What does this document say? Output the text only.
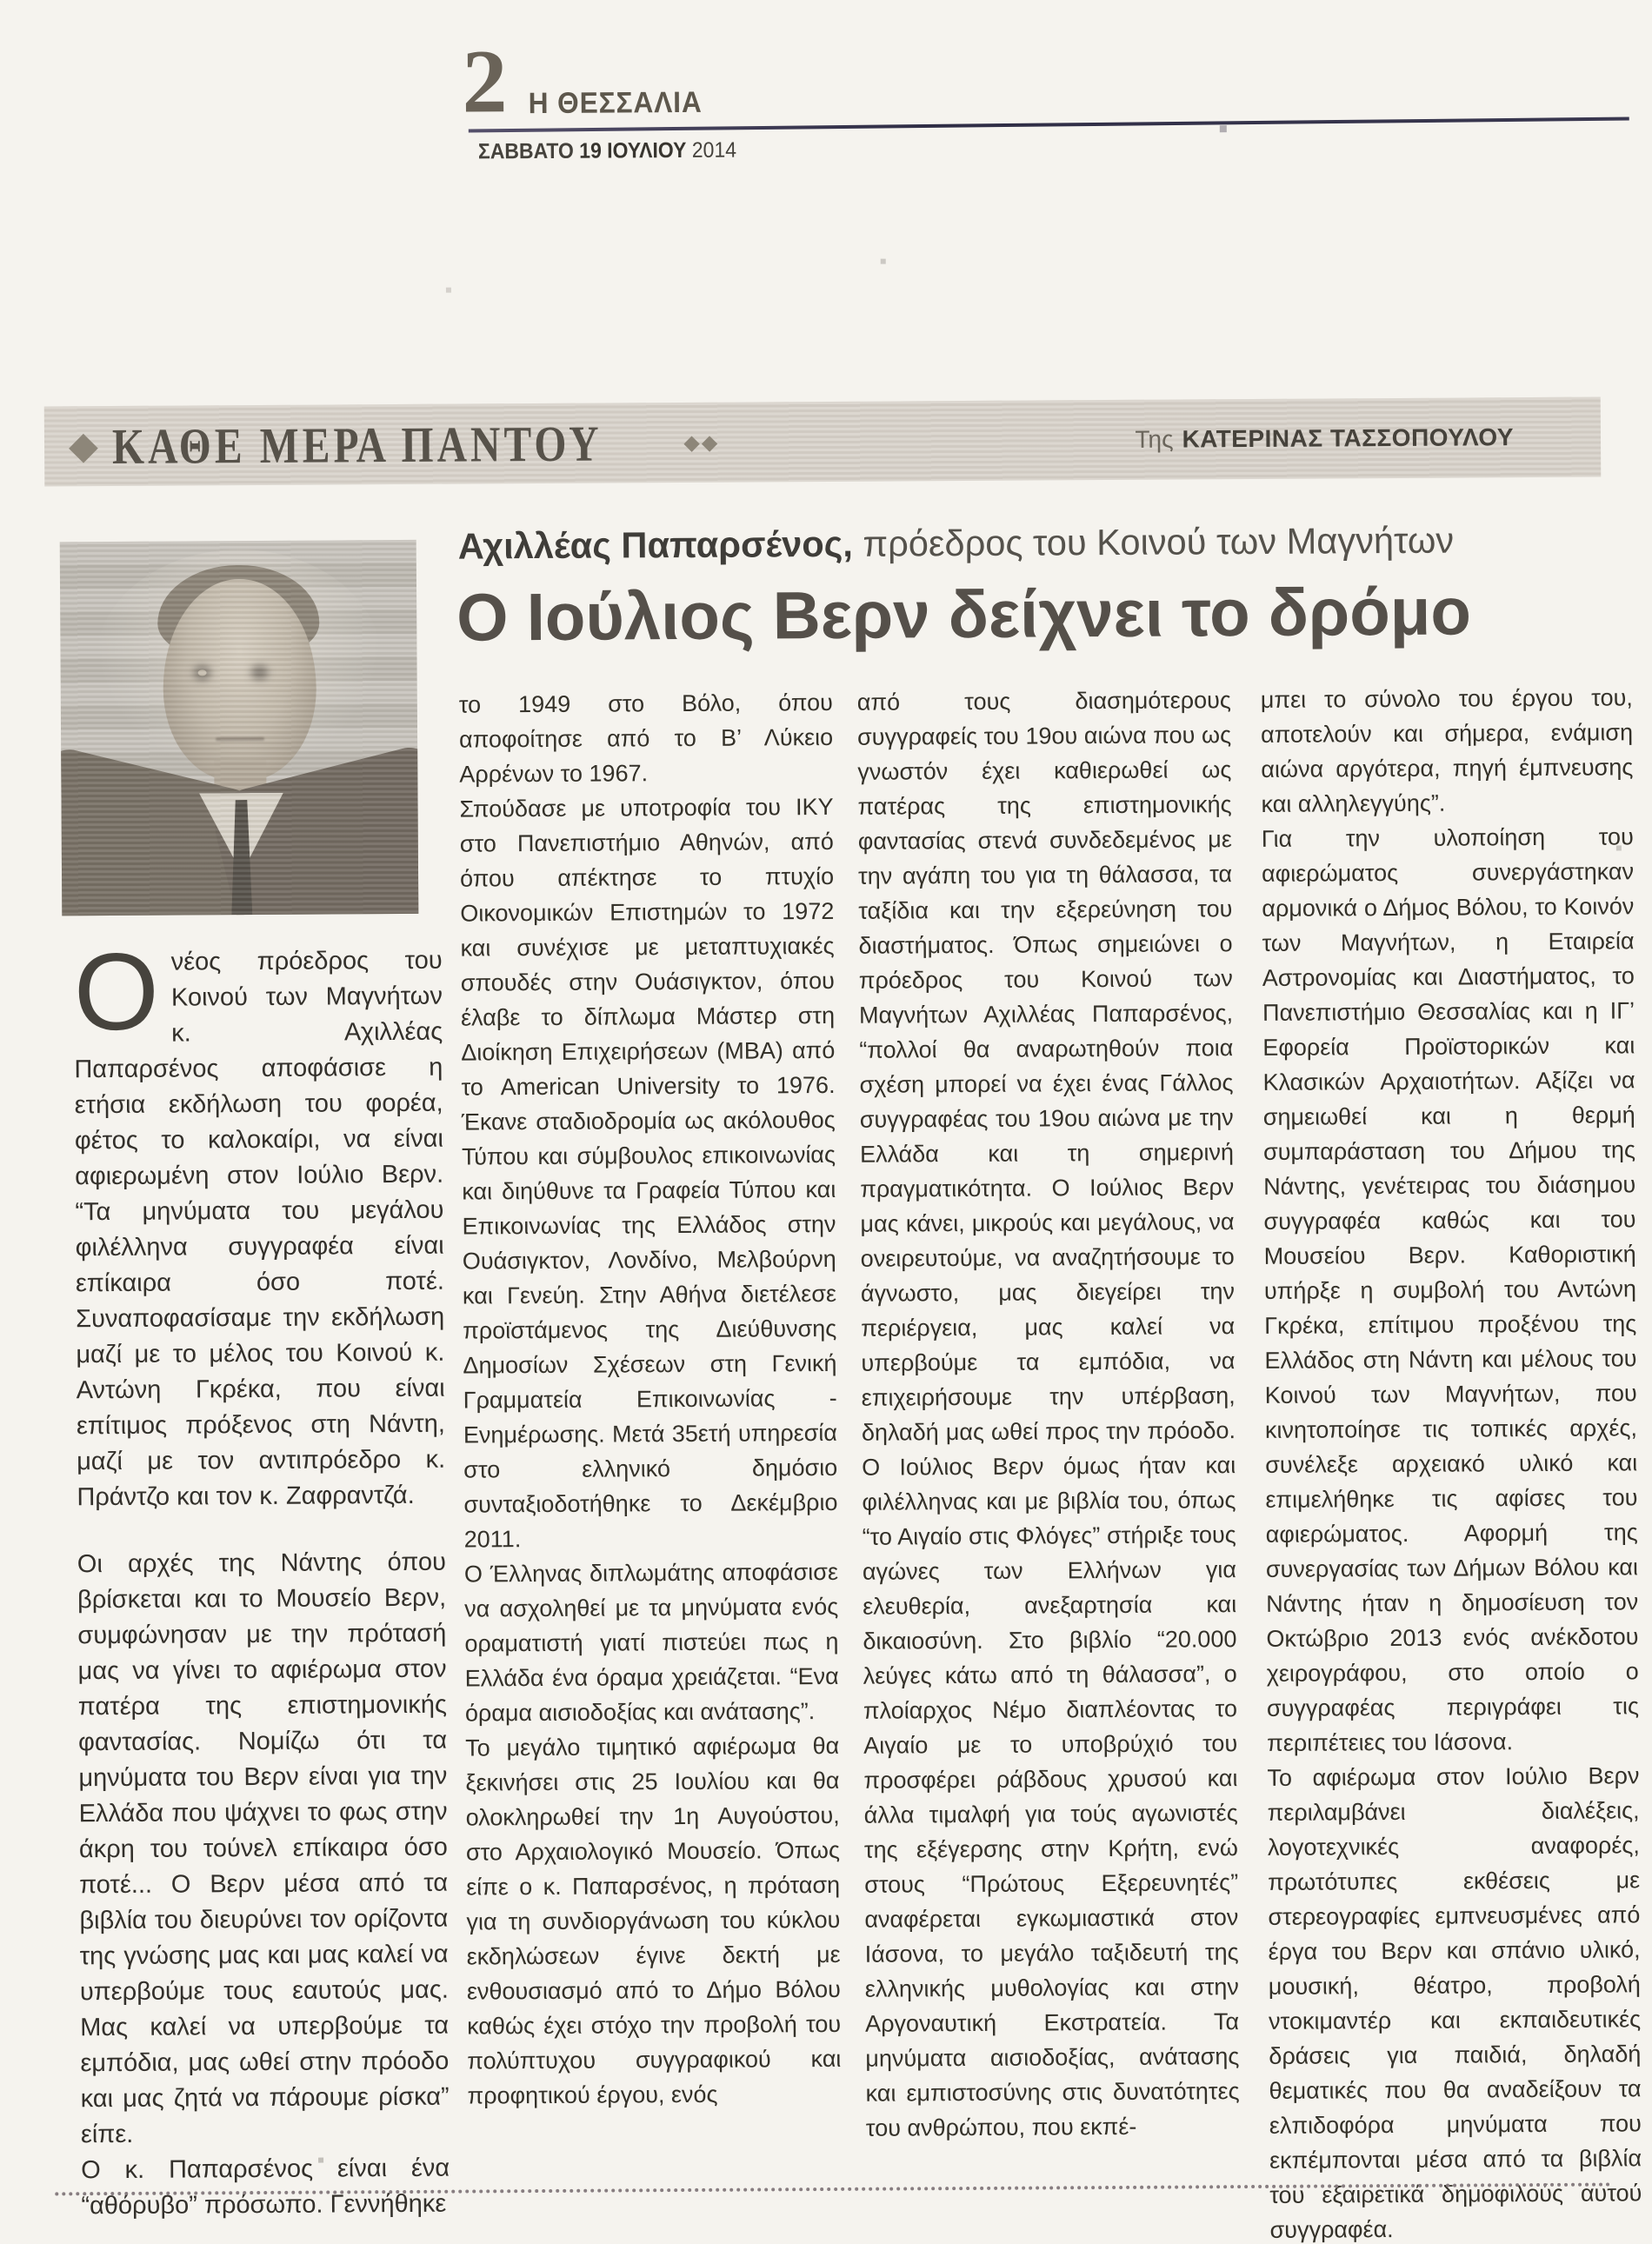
2 Η ΘΕΣΣΑΛΙΑ
ΣΑΒΒΑΤΟ 19 ΙΟΥΛΙΟΥ 2014
◆ ΚΑΘΕ ΜΕΡΑ ΠΑΝΤΟΥ	◆◆	Της ΚΑΤΕΡΙΝΑΣ ΤΑΣΣΟΠΟΥΛΟΥ
Αχιλλέας Παπαρσένος, πρόεδρος του Κοινού των Μαγνήτων
Ο Ιούλιος Βερν δείχνει το δρόμο

Ονέος πρόεδρος του Κοινού των Μαγνήτων κ. Αχιλλέας Παπαρσένος αποφάσισε η ετήσια εκδήλωση του φορέα, φέτος το καλοκαίρι, να είναι αφιερωμένη στον Ιούλιο Βερν. “Τα μηνύματα του μεγάλου φιλέλληνα συγγραφέα είναι επίκαιρα όσο ποτέ. Συναποφασίσαμε την εκδήλωση μαζί με το μέλος του Κοινού κ. Αντώνη Γκρέκα, που είναι επίτιμος πρόξενος στη Νάντη, μαζί με τον αντιπρόεδρο κ. Πράντζο και τον κ. Ζαφραντζά.

Οι αρχές της Νάντης όπου βρίσκεται και το Μουσείο Βερν, συμφώνησαν με την πρότασή μας να γίνει το αφιέρωμα στον πατέρα της επιστημονικής φαντασίας. Νομίζω ότι τα μηνύματα του Βερν είναι για την Ελλάδα που ψάχνει το φως στην άκρη του τούνελ επίκαιρα όσο ποτέ... Ο Βερν μέσα από τα βιβλία του διευρύνει τον ορίζοντα της γνώσης μας και μας καλεί να υπερβούμε τους εαυτούς μας. Μας καλεί να υπερβούμε τα εμπόδια, μας ωθεί στην πρόοδο και μας ζητά να πάρουμε ρίσκα” είπε.

Ο κ. Παπαρσένος είναι ένα “αθόρυβο” πρόσωπο. Γεννήθηκε

το 1949 στο Βόλο, όπου αποφοίτησε από το Β’ Λύκειο Αρρένων το 1967.

Σπούδασε με υποτροφία του ΙΚΥ στο Πανεπιστήμιο Αθηνών, από όπου απέκτησε το πτυχίο Οικονομικών Επιστημών το 1972 και συνέχισε με μεταπτυχιακές σπουδές στην Ουάσιγκτον, όπου έλαβε το δίπλωμα Μάστερ στη Διοίκηση Επιχειρήσεων (MBA) από το American University το 1976. Έκανε σταδιοδρομία ως ακόλουθος Τύπου και σύμβουλος επικοινωνίας και διηύθυνε τα Γραφεία Τύπου και Επικοινωνίας της Ελλάδος στην Ουάσιγκτον, Λονδίνο, Μελβούρνη και Γενεύη. Στην Αθήνα διετέλεσε προϊστάμενος της Διεύθυνσης Δημοσίων Σχέσεων στη Γενική Γραμματεία Επικοινωνίας - Ενημέρωσης. Μετά 35ετή υπηρεσία στο ελληνικό δημόσιο συνταξιοδοτήθηκε το Δεκέμβριο 2011.

Ο Έλληνας διπλωμάτης αποφάσισε να ασχοληθεί με τα μηνύματα ενός οραματιστή γιατί πιστεύει πως η Ελλάδα ένα όραμα χρειάζεται. “Ενα όραμα αισιοδοξίας και ανάτασης”.

Το μεγάλο τιμητικό αφιέρωμα θα ξεκινήσει στις 25 Ιουλίου και θα ολοκληρωθεί την 1η Αυγούστου, στο Αρχαιολογικό Μουσείο. Όπως είπε ο κ. Παπαρσένος, η πρόταση για τη συνδιοργάνωση του κύκλου εκδηλώσεων έγινε δεκτή με ενθουσιασμό από το Δήμο Βόλου καθώς έχει στόχο την προβολή του πολύπτυχου συγγραφικού και προφητικού έργου, ενός

από τους διασημότερους συγγραφείς του 19ου αιώνα που ως γνωστόν έχει καθιερωθεί ως πατέρας της επιστημονικής φαντασίας στενά συνδεδεμένος με την αγάπη του για τη θάλασσα, τα ταξίδια και την εξερεύνηση του διαστήματος. Όπως σημειώνει ο πρόεδρος του Κοινού των Μαγνήτων Αχιλλέας Παπαρσένος, “πολλοί θα αναρωτηθούν ποια σχέση μπορεί να έχει ένας Γάλλος συγγραφέας του 19ου αιώνα με την Ελλάδα και τη σημερινή πραγματικότητα. Ο Ιούλιος Βερν μας κάνει, μικρούς και μεγάλους, να ονειρευτούμε, να αναζητήσουμε το άγνωστο, μας διεγείρει την περιέργεια, μας καλεί να υπερβούμε τα εμπόδια, να επιχειρήσουμε την υπέρβαση, δηλαδή μας ωθεί προς την πρόοδο. Ο Ιούλιος Βερν όμως ήταν και φιλέλληνας και με βιβλία του, όπως “το Αιγαίο στις Φλόγες” στήριξε τους αγώνες των Ελλήνων για ελευθερία, ανεξαρτησία και δικαιοσύνη. Στο βιβλίο “20.000 λεύγες κάτω από τη θάλασσα”, ο πλοίαρχος Νέμο διαπλέοντας το Αιγαίο με το υποβρύχιό του προσφέρει ράβδους χρυσού και άλλα τιμαλφή για τούς αγωνιστές της εξέγερσης στην Κρήτη, ενώ στους “Πρώτους Εξερευνητές” αναφέρεται εγκωμιαστικά στον Ιάσονα, το μεγάλο ταξιδευτή της ελληνικής μυθολογίας και στην Αργοναυτική Εκστρατεία. Τα μηνύματα αισιοδοξίας, ανάτασης και εμπιστοσύνης στις δυνατότητες του ανθρώπου, που εκπέ-

μπει το σύνολο του έργου του, αποτελούν και σήμερα, ενάμιση αιώνα αργότερα, πηγή έμπνευσης και αλληλεγγύης”.

Για την υλοποίηση του αφιερώματος συνεργάστηκαν αρμονικά ο Δήμος Βόλου, το Κοινόν των Μαγνήτων, η Εταιρεία Αστρονομίας και Διαστήματος, το Πανεπιστήμιο Θεσσαλίας και η ΙΓ’ Εφορεία Προϊστορικών και Κλασικών Αρχαιοτήτων. Αξίζει να σημειωθεί και η θερμή συμπαράσταση του Δήμου της Νάντης, γενέτειρας του διάσημου συγγραφέα καθώς και του Μουσείου Βερν. Καθοριστική υπήρξε η συμβολή του Αντώνη Γκρέκα, επίτιμου προξένου της Ελλάδος στη Νάντη και μέλους του Κοινού των Μαγνήτων, που κινητοποίησε τις τοπικές αρχές, συνέλεξε αρχειακό υλικό και επιμελήθηκε τις αφίσες του αφιερώματος. Αφορμή της συνεργασίας των Δήμων Βόλου και Νάντης ήταν η δημοσίευση τον Οκτώβριο 2013 ενός ανέκδοτου χειρογράφου, στο οποίο ο συγγραφέας περιγράφει τις περιπέτειες του Ιάσονα.

Το αφιέρωμα στον Ιούλιο Βερν περιλαμβάνει διαλέξεις, λογοτεχνικές αναφορές, πρωτότυπες εκθέσεις με στερεογραφίες εμπνευσμένες από έργα του Βερν και σπάνιο υλικό, μουσική, θέατρο, προβολή ντοκιμαντέρ και εκπαιδευτικές δράσεις για παιδιά, δηλαδή θεματικές που θα αναδείξουν τα ελπιδοφόρα μηνύματα που εκπέμπονται μέσα από τα βιβλία του εξαιρετικά δημοφιλούς αυτού συγγραφέα.
